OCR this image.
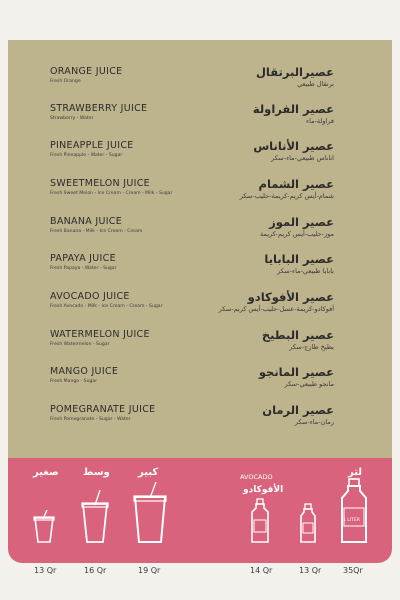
ORANGE JUICE
Fresh Orange
عصيرالبرتقال
برتقال طبيعي
STRAWBERRY JUICE
Strawberry - Water
عصير الفراولة
فراولة-ماء
PINEAPPLE JUICE
Fresh Pineapple - Water - Sugar
عصير الأناناس
اناناس طبيعي-ماء-سكر
SWEETMELON JUICE
Fresh Sweet Melon - Ice Cream - Cream - Milk - Sugar
عصير الشمام
شمام-أيس كريم-كريمة-حليب-سكر
BANANA JUICE
Fresh Banana - Milk - Ice Cream - Cream
عصير الموز
موز-حليب-أيس كريم-كريمة
PAPAYA JUICE
Fresh Papaya - Water - Sugar
عصير البابايا
بابايا طبيعي-ماء-سكر
AVOCADO JUICE
Fresh Avocado - Milk - Ice Cream - Cream - Sugar
عصير الأفوكادو
أفوكادو-كريمة-عسل-حليب-أيس كريم-سكر
WATERMELON JUICE
Fresh Watermelon - Sugar
عصير البطيخ
بطيخ طازج-سكر
MANGO JUICE
Fresh Mango - Sugar
عصير المانجو
مانجو طبيعي-سكر
POMEGRANATE JUICE
Fresh Pomegranate - Sugar - Water
عصير الرمان
رمان-ماء-سكر
صغير وسط	كبير
13 Qr	16 Qr	19 Qr
AVOCADO
الأفوكادو
لتر
1 LITER
14 Qr	13 Qr	35Qr
